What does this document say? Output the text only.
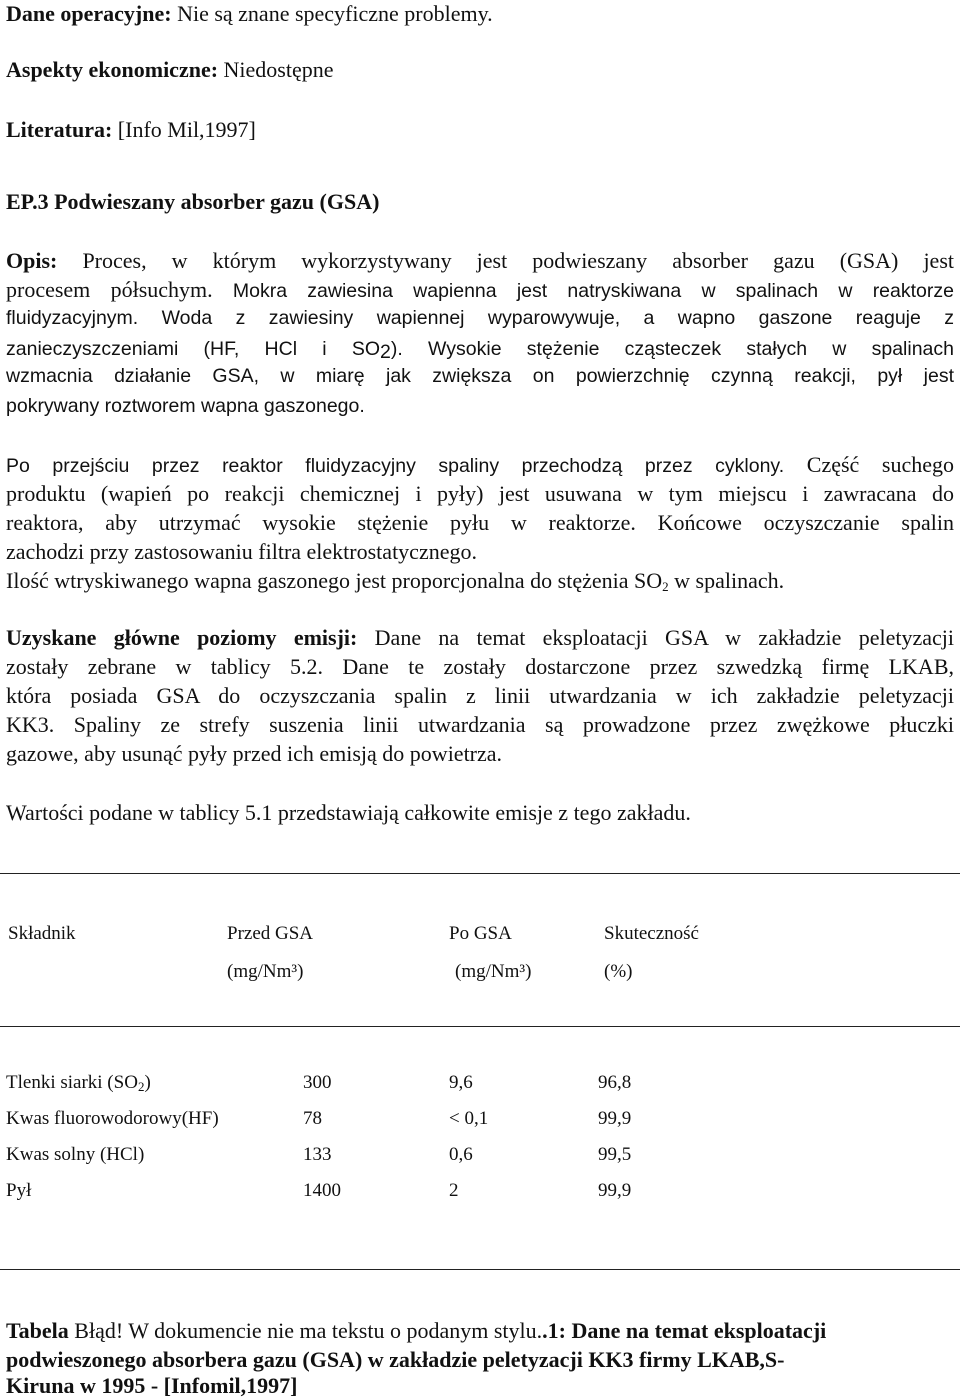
Dane operacyjne: Nie są znane specyficzne problemy.
Aspekty ekonomiczne: Niedostępne
Literatura: [Info Mil,1997]
EP.3 Podwieszany absorber gazu (GSA)
Opis: Proces, w którym wykorzystywany jest podwieszany absorber gazu (GSA) jest
procesem półsuchym. Mokra zawiesina wapienna jest natryskiwana w spalinach w reaktorze
fluidyzacyjnym. Woda z zawiesiny wapiennej wyparowywuje, a wapno gaszone reaguje z
zanieczyszczeniami (HF, HCl i $SO_2$). Wysokie stężenie cząsteczek stałych w spalinach
wzmacnia działanie GSA, w miarę jak zwiększa on powierzchnię czynną reakcji, pył jest
pokrywany roztworem wapna gaszonego.
Po przejściu przez reaktor fluidyzacyjny spaliny przechodzą przez cyklony. Część suchego
produktu (wapień po reakcji chemicznej i pyły) jest usuwana w tym miejscu i zawracana do
reaktora, aby utrzymać wysokie stężenie pyłu w reaktorze. Końcowe oczyszczanie spalin
zachodzi przy zastosowaniu filtra elektrostatycznego.
Ilość wtryskiwanego wapna gaszonego jest proporcjonalna do stężenia $SO_2$ w spalinach.
Uzyskane główne poziomy emisji: Dane na temat eksploatacji GSA w zakładzie peletyzacji
zostały zebrane w tablicy 5.2. Dane te zostały dostarczone przez szwedzką firmę LKAB,
która posiada GSA do oczyszczania spalin z linii utwardzania w ich zakładzie peletyzacji
KK3. Spaliny ze strefy suszenia linii utwardzania są prowadzone przez zwężkowe płuczki
gazowe, aby usunąć pyły przed ich emisją do powietrza.
Wartości podane w tablicy 5.1 przedstawiają całkowite emisje z tego zakładu.
Składnik	Przed GSA	Po GSA	Skuteczność
(mg/Nm³)	(mg/Nm³)	(%)
Tlenki siarki $(SO_2)$	300	9,6	96,8
Kwas fluorowodorowy(HF)	78	< 0,1	99,9
Kwas solny (HCl)	133	0,6	99,5
Pył	1400	2	99,9
Tabela Błąd! W dokumencie nie ma tekstu o podanym stylu..1: Dane na temat eksploatacji
podwieszonego absorbera gazu (GSA) w zakładzie peletyzacji KK3 firmy LKAB,S-
Kiruna w 1995 - [Infomil,1997]
